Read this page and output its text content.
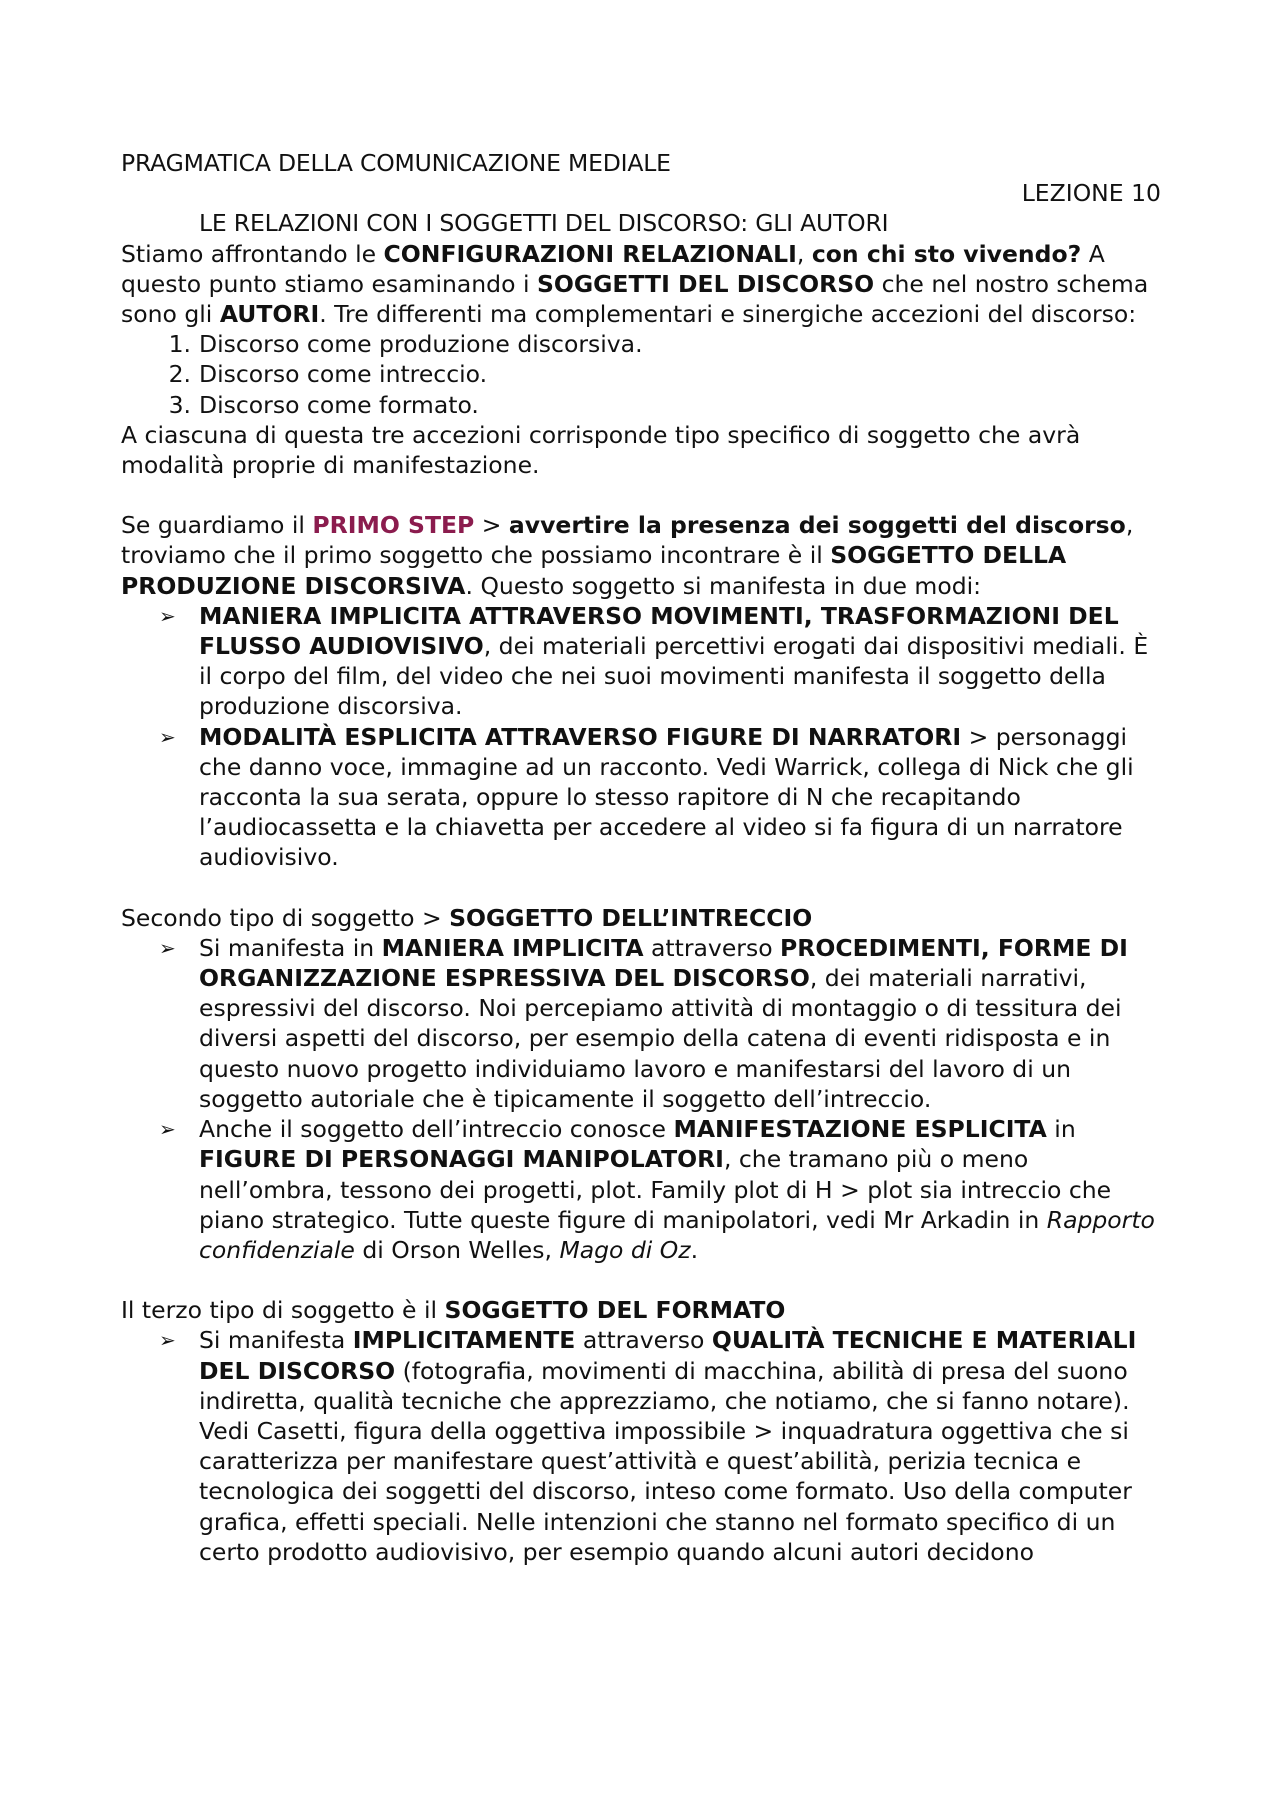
PRAGMATICA DELLA COMUNICAZIONE MEDIALE
LEZIONE 10
LE RELAZIONI CON I SOGGETTI DEL DISCORSO: GLI AUTORI

Stiamo affrontando le CONFIGURAZIONI RELAZIONALI, con chi sto vivendo? A questo punto stiamo esaminando i SOGGETTI DEL DISCORSO che nel nostro schema sono gli AUTORI. Tre differenti ma complementari e sinergiche accezioni del discorso:

1. Discorso come produzione discorsiva.
2. Discorso come intreccio.
3. Discorso come formato.

A ciascuna di questa tre accezioni corrisponde tipo specifico di soggetto che avrà modalità proprie di manifestazione.

Se guardiamo il PRIMO STEP > avvertire la presenza dei soggetti del discorso, troviamo che il primo soggetto che possiamo incontrare è il SOGGETTO DELLA PRODUZIONE DISCORSIVA. Questo soggetto si manifesta in due modi:

➢ MANIERA IMPLICITA ATTRAVERSO MOVIMENTI, TRASFORMAZIONI DEL FLUSSO AUDIOVISIVO, dei materiali percettivi erogati dai dispositivi mediali. È il corpo del film, del video che nei suoi movimenti manifesta il soggetto della produzione discorsiva.
➢ MODALITÀ ESPLICITA ATTRAVERSO FIGURE DI NARRATORI > personaggi che danno voce, immagine ad un racconto. Vedi Warrick, collega di Nick che gli racconta la sua serata, oppure lo stesso rapitore di N che recapitando l’audiocassetta e la chiavetta per accedere al video si fa figura di un narratore audiovisivo.

Secondo tipo di soggetto > SOGGETTO DELL’INTRECCIO

➢ Si manifesta in MANIERA IMPLICITA attraverso PROCEDIMENTI, FORME DI ORGANIZZAZIONE ESPRESSIVA DEL DISCORSO, dei materiali narrativi, espressivi del discorso. Noi percepiamo attività di montaggio o di tessitura dei diversi aspetti del discorso, per esempio della catena di eventi ridisposta e in questo nuovo progetto individuiamo lavoro e manifestarsi del lavoro di un soggetto autoriale che è tipicamente il soggetto dell’intreccio.
➢ Anche il soggetto dell’intreccio conosce MANIFESTAZIONE ESPLICITA in FIGURE DI PERSONAGGI MANIPOLATORI, che tramano più o meno nell’ombra, tessono dei progetti, plot. Family plot di H > plot sia intreccio che piano strategico. Tutte queste figure di manipolatori, vedi Mr Arkadin in Rapporto confidenziale di Orson Welles, Mago di Oz.

Il terzo tipo di soggetto è il SOGGETTO DEL FORMATO

➢ Si manifesta IMPLICITAMENTE attraverso QUALITÀ TECNICHE E MATERIALI DEL DISCORSO (fotografia, movimenti di macchina, abilità di presa del suono indiretta, qualità tecniche che apprezziamo, che notiamo, che si fanno notare). Vedi Casetti, figura della oggettiva impossibile > inquadratura oggettiva che si caratterizza per manifestare quest’attività e quest’abilità, perizia tecnica e tecnologica dei soggetti del discorso, inteso come formato. Uso della computer grafica, effetti speciali. Nelle intenzioni che stanno nel formato specifico di un certo prodotto audiovisivo, per esempio quando alcuni autori decidono
